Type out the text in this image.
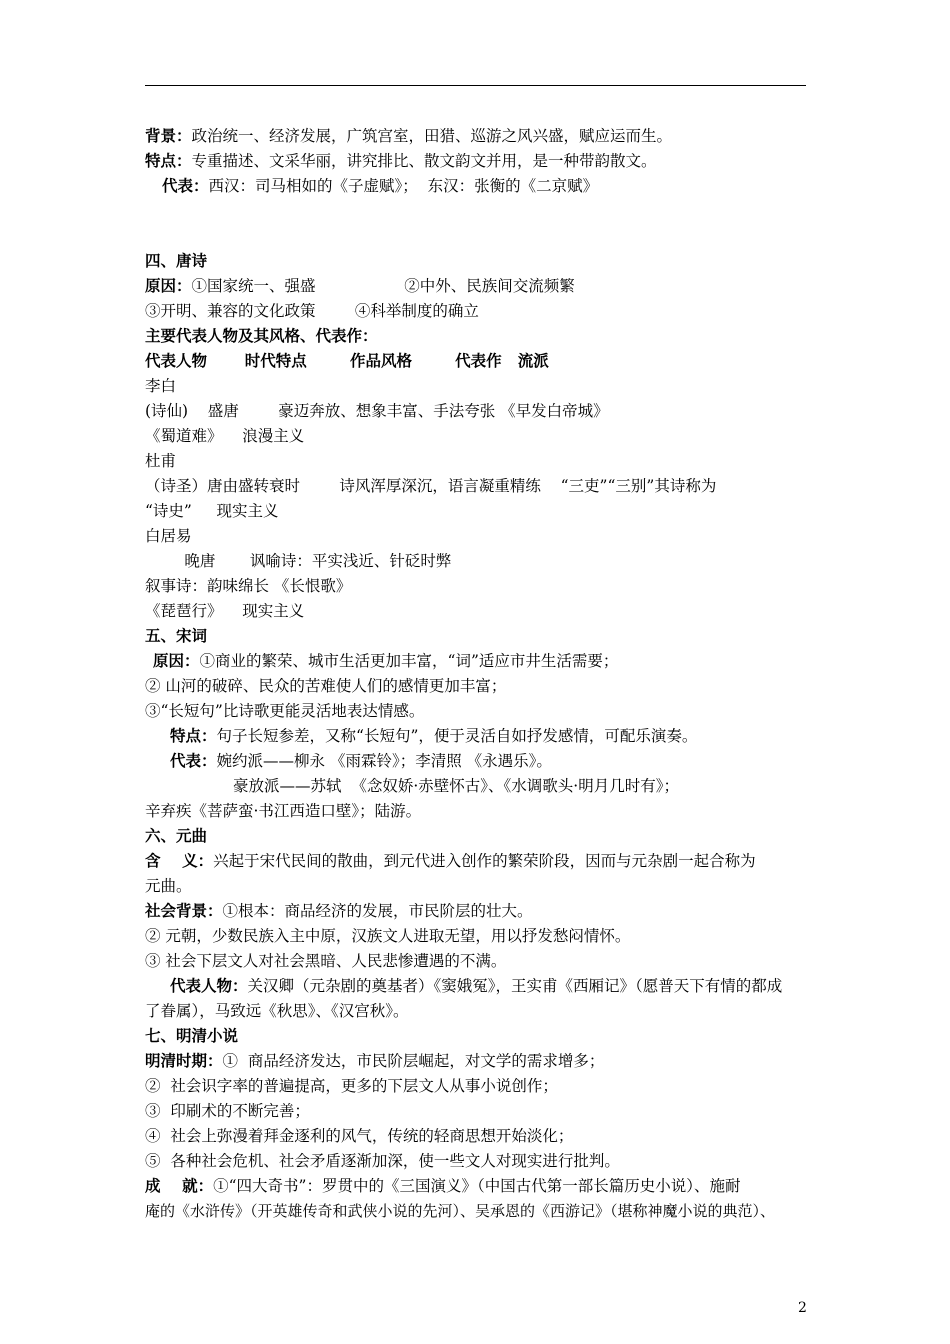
背景：政治统一、经济发展，广筑宫室，田猎、巡游之风兴盛，赋应运而生。
特点：专重描述、文采华丽，讲究排比、散文韵文并用，是一种带韵散文。
代表：西汉：司马相如的《子虚赋》；  东汉：张衡的《二京赋》
四、唐诗
原因：①国家统一、强盛                  ②中外、民族间交流频繁
③开明、兼容的文化政策        ④科举制度的确立
主要代表人物及其风格、代表作：
代表人物       时代特点        作品风格        代表作   流派
李白
(诗仙)    盛唐        豪迈奔放、想象丰富、手法夸张 《早发白帝城》
《蜀道难》    浪漫主义
杜甫
（诗圣）唐由盛转衰时        诗风浑厚深沉，语言凝重精练    “三吏”“三别”其诗称为
“诗史”     现实主义
白居易
晚唐       讽喻诗：平实浅近、针砭时弊
叙事诗：韵味绵长 《长恨歌》
《琵琶行》    现实主义
五、宋词
原因：①商业的繁荣、城市生活更加丰富，“词”适应市井生活需要；
② 山河的破碎、民众的苦难使人们的感情更加丰富；
③“长短句”比诗歌更能灵活地表达情感。
特点：句子长短参差，又称“长短句”，便于灵活自如抒发感情，可配乐演奏。
代表：婉约派——柳永 《雨霖铃》；李清照 《永遇乐》。
豪放派——苏轼  《念奴娇·赤壁怀古》、《水调歌头·明月几时有》；
辛弃疾《菩萨蛮·书江西造口壁》；陆游。
六、元曲
含    义：兴起于宋代民间的散曲，到元代进入创作的繁荣阶段，因而与元杂剧一起合称为
元曲。
社会背景：①根本：商品经济的发展，市民阶层的壮大。
② 元朝，少数民族入主中原，汉族文人进取无望，用以抒发愁闷情怀。
③ 社会下层文人对社会黑暗、人民悲惨遭遇的不满。
代表人物：关汉卿（元杂剧的奠基者）《窦娥冤》，王实甫《西厢记》（愿普天下有情的都成
了眷属），马致远《秋思》、《汉宫秋》。
七、明清小说
明清时期：①  商品经济发达，市民阶层崛起，对文学的需求增多；
②  社会识字率的普遍提高，更多的下层文人从事小说创作；
③  印刷术的不断完善；
④  社会上弥漫着拜金逐利的风气，传统的轻商思想开始淡化；
⑤  各种社会危机、社会矛盾逐渐加深，使一些文人对现实进行批判。
成    就：①“四大奇书”：罗贯中的《三国演义》（中国古代第一部长篇历史小说）、施耐
庵的《水浒传》（开英雄传奇和武侠小说的先河）、吴承恩的《西游记》（堪称神魔小说的典范）、
2
